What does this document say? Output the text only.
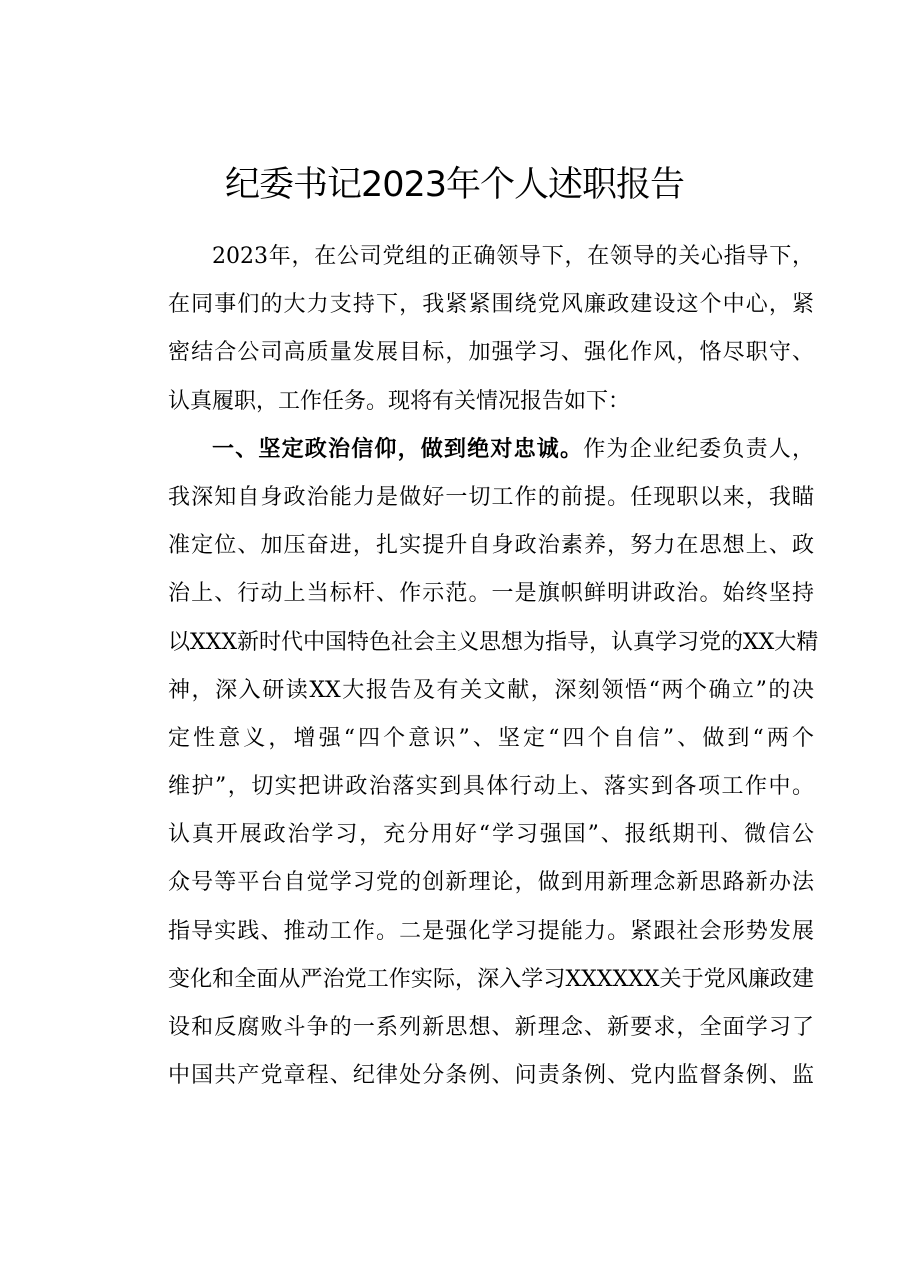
纪委书记2023年个人述职报告
2023年，在公司党组的正确领导下，在领导的关心指导下，
在同事们的大力支持下，我紧紧围绕党风廉政建设这个中心，紧
密结合公司高质量发展目标，加强学习、强化作风，恪尽职守、
认真履职，工作任务。现将有关情况报告如下：
一、坚定政治信仰，做到绝对忠诚。作为企业纪委负责人，
我深知自身政治能力是做好一切工作的前提。任现职以来，我瞄
准定位、加压奋进，扎实提升自身政治素养，努力在思想上、政
治上、行动上当标杆、作示范。一是旗帜鲜明讲政治。始终坚持
以XXX新时代中国特色社会主义思想为指导，认真学习党的XX大精
神，深入研读XX大报告及有关文献，深刻领悟“两个确立”的决
定性意义，增强“四个意识”、坚定“四个自信”、做到“两个
维护”，切实把讲政治落实到具体行动上、落实到各项工作中。
认真开展政治学习，充分用好“学习强国”、报纸期刊、微信公
众号等平台自觉学习党的创新理论，做到用新理念新思路新办法
指导实践、推动工作。二是强化学习提能力。紧跟社会形势发展
变化和全面从严治党工作实际，深入学习XXXXXX关于党风廉政建
设和反腐败斗争的一系列新思想、新理念、新要求，全面学习了
中国共产党章程、纪律处分条例、问责条例、党内监督条例、监
